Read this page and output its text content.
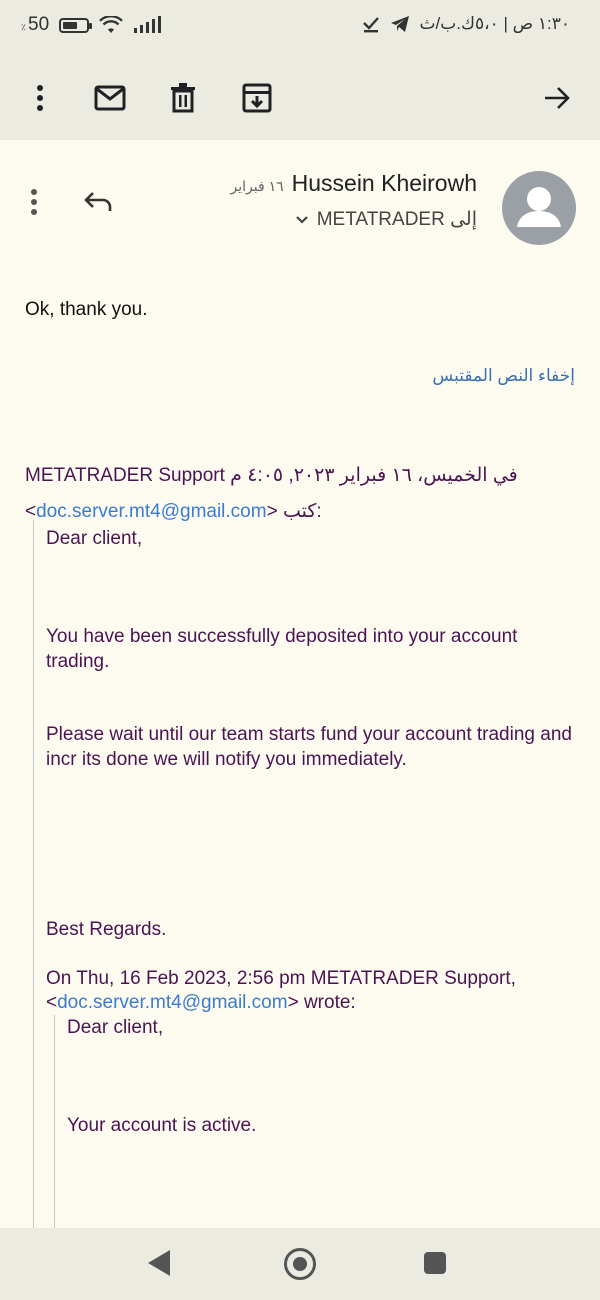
٪ 50	١:٣٠ ص | ٥،٠ك.ب/ث
Hussein Kheirowh
١٦ فبراير
إلى METATRADER
Ok, thank you.
إخفاء النص المقتبس
في الخميس، ١٦ فبراير ٢٠٢٣, ٤:٠٥ م METATRADER Support
<doc.server.mt4@gmail.com> كتب:
Dear client,
You have been successfully deposited into your account trading.
Please wait until our team starts fund your account trading and incr its done we will notify you immediately.
Best Regards.
On Thu, 16 Feb 2023, 2:56 pm METATRADER Support,
<doc.server.mt4@gmail.com> wrote:
Dear client,
Your account is active.
